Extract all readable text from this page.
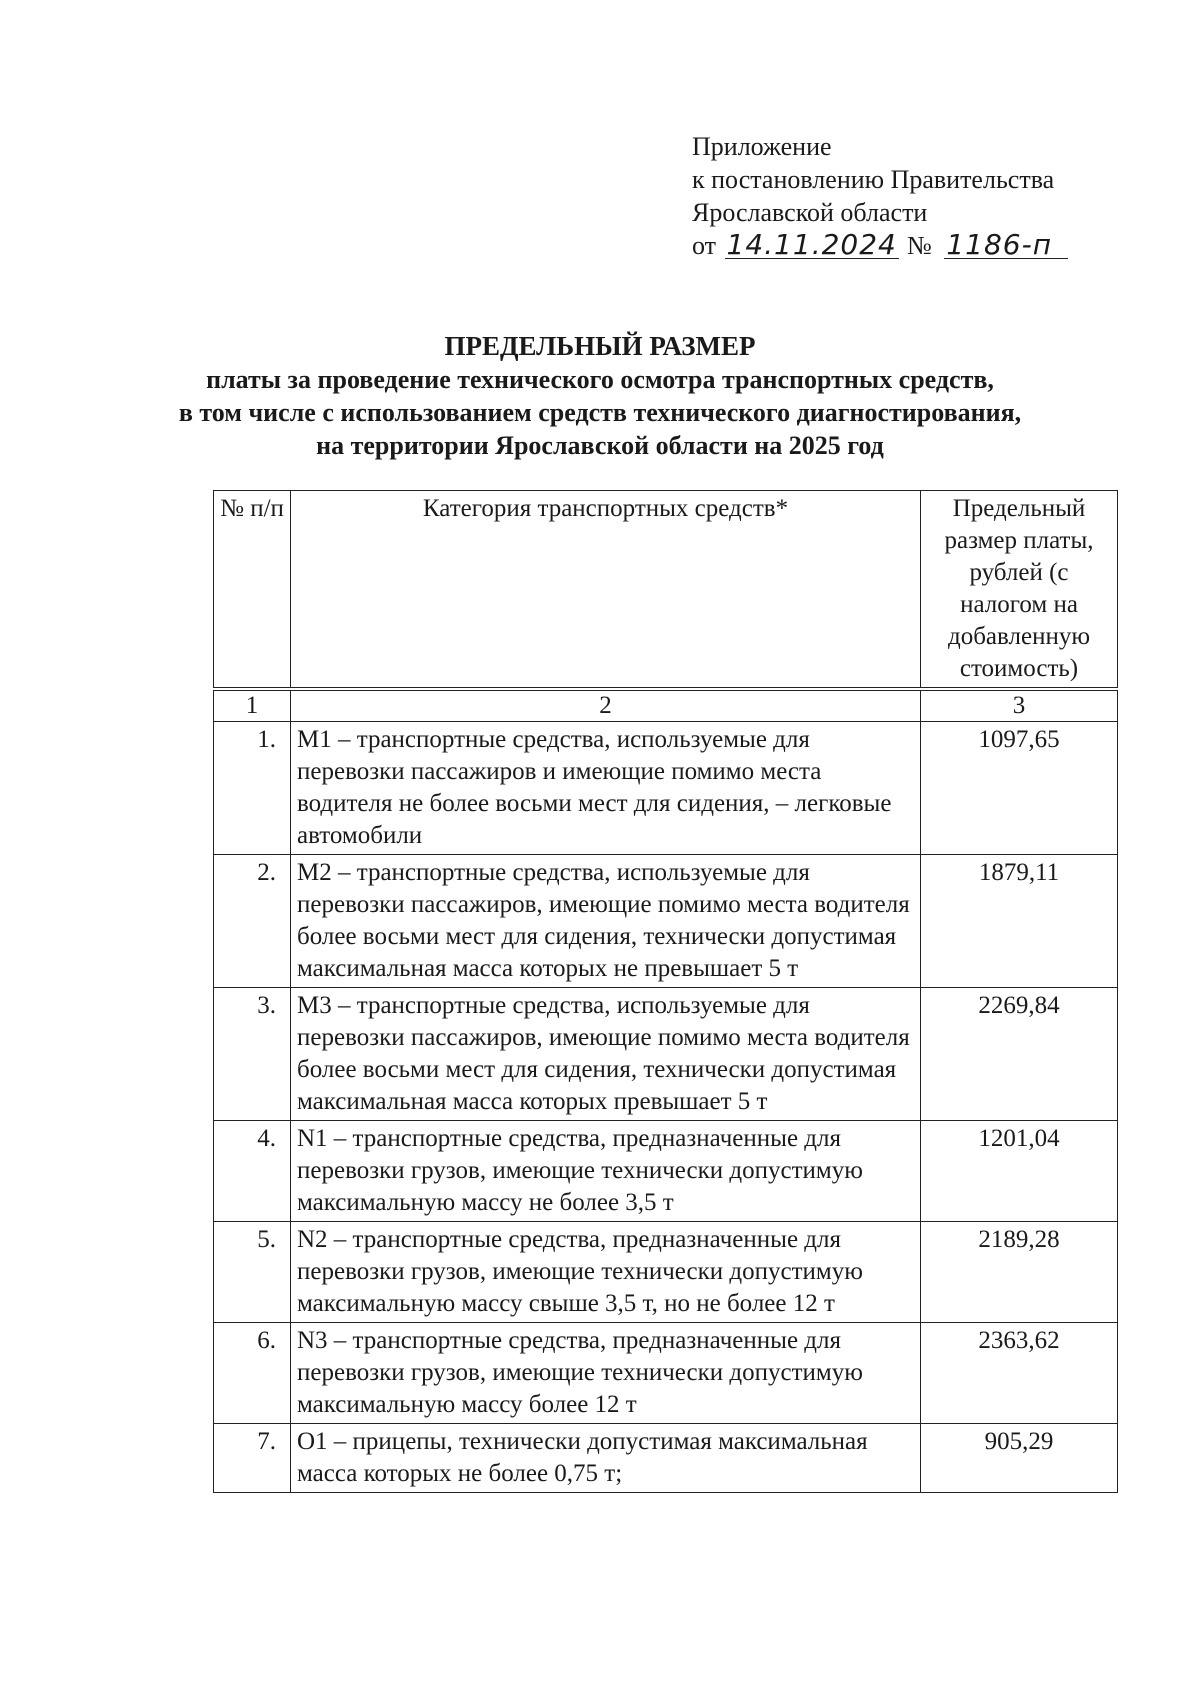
Приложение
к постановлению Правительства
Ярославской области
от 14.11.2024 № 1186-п
ПРЕДЕЛЬНЫЙ РАЗМЕР
платы за проведение технического осмотра транспортных средств,
в том числе с использованием средств технического диагностирования,
на территории Ярославской области на 2025 год
№ п/п	Категория транспортных средств*	Предельный размер платы, рублей (с налогом на добавленную стоимость)
1	2	3
1.	M1 – транспортные средства, используемые для перевозки пассажиров и имеющие помимо места водителя не более восьми мест для сидения, – легковые автомобили	1097,65
2.	M2 – транспортные средства, используемые для перевозки пассажиров, имеющие помимо места водителя более восьми мест для сидения, технически допустимая максимальная масса которых не превышает 5 т	1879,11
3.	M3 – транспортные средства, используемые для перевозки пассажиров, имеющие помимо места водителя более восьми мест для сидения, технически допустимая максимальная масса которых превышает 5 т	2269,84
4.	N1 – транспортные средства, предназначенные для перевозки грузов, имеющие технически допустимую максимальную массу не более 3,5 т	1201,04
5.	N2 – транспортные средства, предназначенные для перевозки грузов, имеющие технически допустимую максимальную массу свыше 3,5 т, но не более 12 т	2189,28
6.	N3 – транспортные средства, предназначенные для перевозки грузов, имеющие технически допустимую максимальную массу более 12 т	2363,62
7.	O1 – прицепы, технически допустимая максимальная масса которых не более 0,75 т;	905,29
